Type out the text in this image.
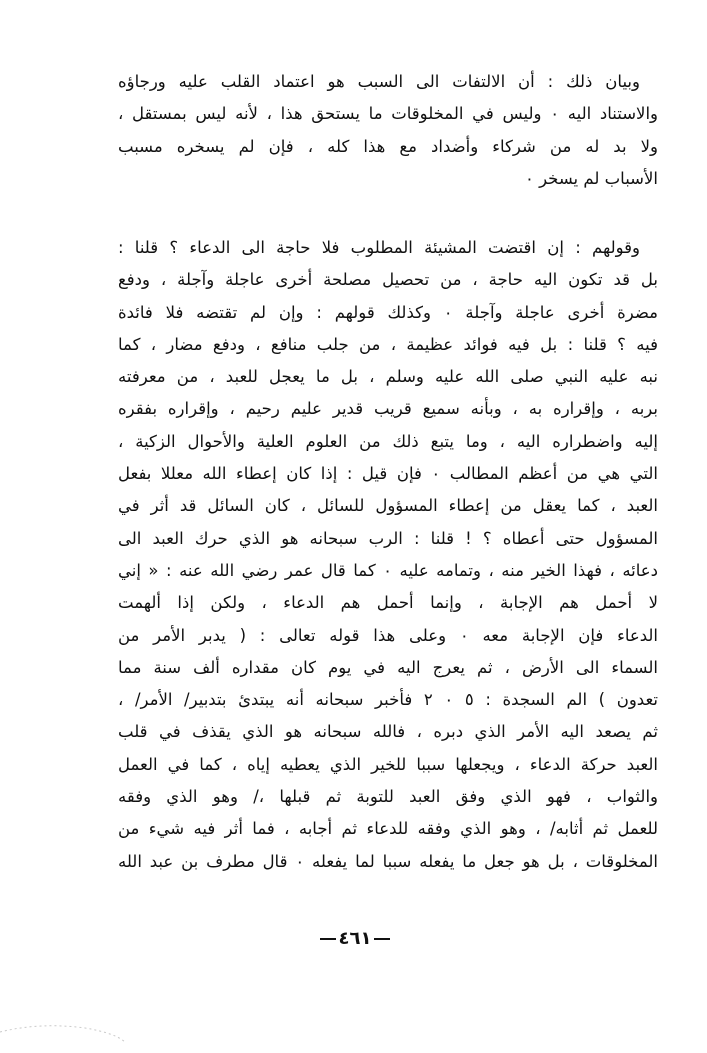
وبيان ذلك : أن الالتفات الى السبب هو اعتماد القلب عليه ورجاؤه
والاستناد اليه ٠ وليس في المخلوقات ما يستحق هذا ، لأنه ليس بمستقل ،
ولا بد له من شركاء وأضداد مع هذا كله ، فإن لم يسخره مسبب
الأسباب لم يسخر ٠
وقولهم : إن اقتضت المشيئة المطلوب فلا حاجة الى الدعاء ؟ قلنا :
بل قد تكون اليه حاجة ، من تحصيل مصلحة أخرى عاجلة وآجلة ، ودفع
مضرة أخرى عاجلة وآجلة ٠ وكذلك قولهم : وإن لم تقتضه فلا فائدة
فيه ؟ قلنا : بل فيه فوائد عظيمة ، من جلب منافع ، ودفع مضار ، كما
نبه عليه النبي صلى الله عليه وسلم ، بل ما يعجل للعبد ، من معرفته
بربه ، وإقراره به ، وبأنه سميع قريب قدير عليم رحيم ، وإقراره بفقره
إليه واضطراره اليه ، وما يتبع ذلك من العلوم العلية والأحوال الزكية ،
التي هي من أعظم المطالب ٠ فإن قيل : إذا كان إعطاء الله معللا بفعل
العبد ، كما يعقل من إعطاء المسؤول للسائل ، كان السائل قد أثر في
المسؤول حتى أعطاه ؟ ! قلنا : الرب سبحانه هو الذي حرك العبد الى
دعائه ، فهذا الخير منه ، وتمامه عليه ٠ كما قال عمر رضي الله عنه : « إني
لا أحمل هم الإجابة ، وإنما أحمل هم الدعاء ، ولكن إذا ألهمت
الدعاء فإن الإجابة معه ٠ وعلى هذا قوله تعالى : ( يدبر الأمر من
السماء الى الأرض ، ثم يعرج اليه في يوم كان مقداره ألف سنة مما
تعدون ) الم السجدة : ٥ ٠ ٢ فأخبر سبحانه أنه يبتدئ بتدبير/ الأمر/ ،
ثم يصعد اليه الأمر الذي دبره ، فالله سبحانه هو الذي يقذف في قلب
العبد حركة الدعاء ، ويجعلها سببا للخير الذي يعطيه إياه ، كما في العمل
والثواب ، فهو الذي وفق العبد للتوبة ثم قبلها ،/ وهو الذي وفقه
للعمل ثم أثابه/ ، وهو الذي وفقه للدعاء ثم أجابه ، فما أثر فيه شيء من
المخلوقات ، بل هو جعل ما يفعله سببا لما يفعله ٠ قال مطرف بن عبد الله
٤٦١
